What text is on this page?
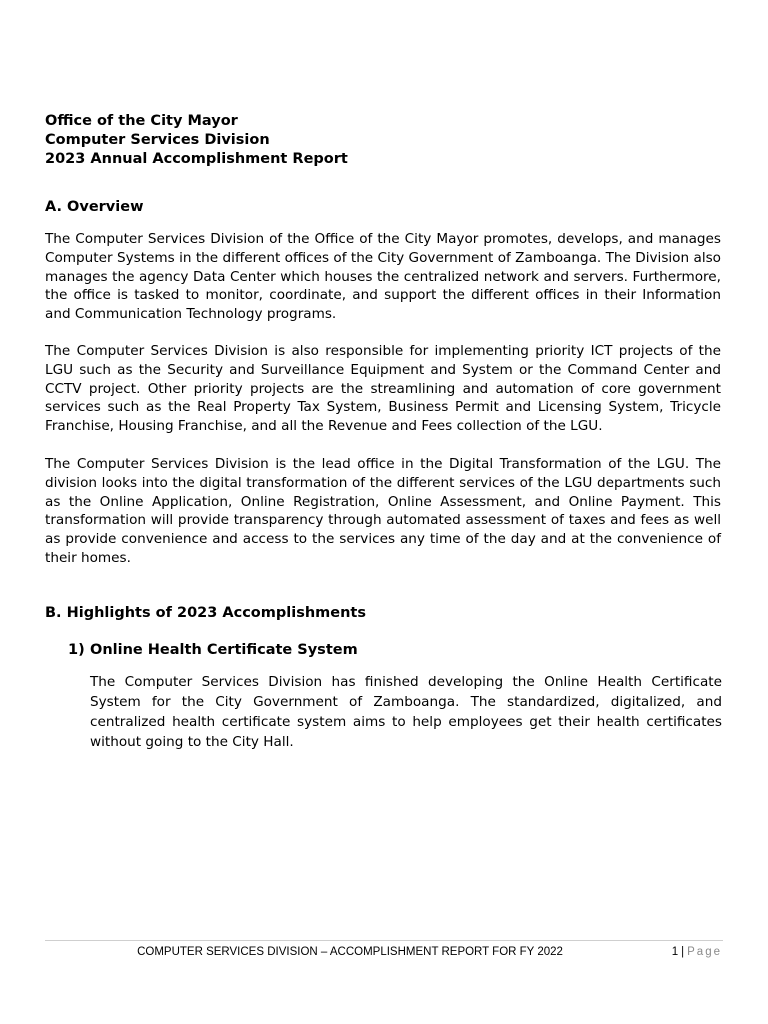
Office of the City Mayor
Computer Services Division
2023 Annual Accomplishment Report
A. Overview

The Computer Services Division of the Office of the City Mayor promotes, develops, and manages Computer Systems in the different offices of the City Government of Zamboanga. The Division also manages the agency Data Center which houses the centralized network and servers. Furthermore, the office is tasked to monitor, coordinate, and support the different offices in their Information and Communication Technology programs.

The Computer Services Division is also responsible for implementing priority ICT projects of the LGU such as the Security and Surveillance Equipment and System or the Command Center and CCTV project. Other priority projects are the streamlining and automation of core government services such as the Real Property Tax System, Business Permit and Licensing System, Tricycle Franchise, Housing Franchise, and all the Revenue and Fees collection of the LGU.

The Computer Services Division is the lead office in the Digital Transformation of the LGU. The division looks into the digital transformation of the different services of the LGU departments such as the Online Application, Online Registration, Online Assessment, and Online Payment. This transformation will provide transparency through automated assessment of taxes and fees as well as provide convenience and access to the services any time of the day and at the convenience of their homes.

B. Highlights of 2023 Accomplishments
1) Online Health Certificate System

The Computer Services Division has finished developing the Online Health Certificate System for the City Government of Zamboanga. The standardized, digitalized, and centralized health certificate system aims to help employees get their health certificates without going to the City Hall.

COMPUTER SERVICES DIVISION – ACCOMPLISHMENT REPORT FOR FY 2022	1 | Page
